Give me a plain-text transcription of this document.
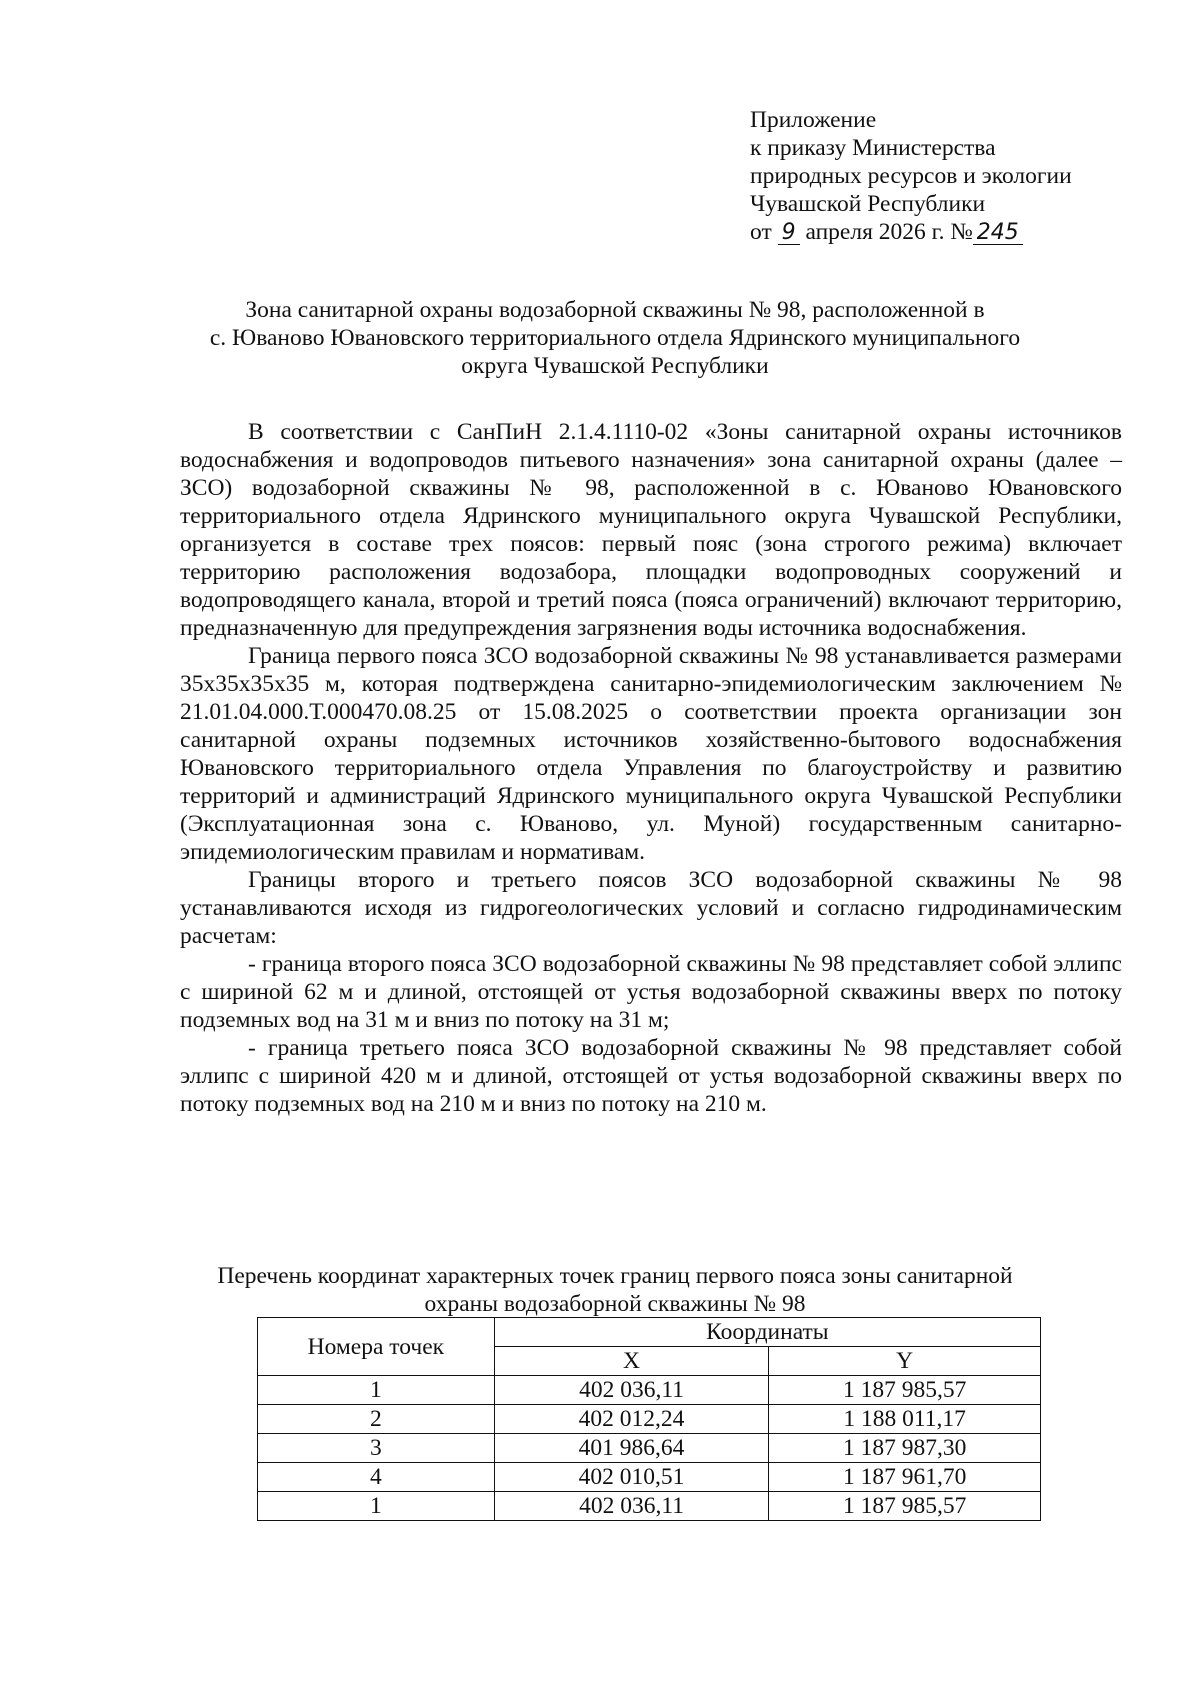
Приложение
к приказу Министерства
природных ресурсов и экологии
Чувашской Республики
от 9 апреля 2026 г. № 245
Зона санитарной охраны водозаборной скважины № 98, расположенной в
с. Юваново Ювановского территориального отдела Ядринского муниципального
округа Чувашской Республики

В соответствии с СанПиН 2.1.4.1110-02 «Зоны санитарной охраны источников водоснабжения и водопроводов питьевого назначения» зона санитарной охраны (далее – ЗСО) водозаборной скважины № 98, расположенной в с. Юваново Ювановского территориального отдела Ядринского муниципального округа Чувашской Республики, организуется в составе трех поясов: первый пояс (зона строгого режима) включает территорию расположения водозабора, площадки водопроводных сооружений и водопроводящего канала, второй и третий пояса (пояса ограничений) включают территорию, предназначенную для предупреждения загрязнения воды источника водоснабжения.

Граница первого пояса ЗСО водозаборной скважины № 98 устанавливается размерами 35х35х35х35 м, которая подтверждена санитарно-эпидемиологическим заключением № 21.01.04.000.Т.000470.08.25 от 15.08.2025 о соответствии проекта организации зон санитарной охраны подземных источников хозяйственно-бытового водоснабжения Ювановского территориального отдела Управления по благоустройству и развитию территорий и администраций Ядринского муниципального округа Чувашской Республики (Эксплуатационная зона с. Юваново, ул. Муной) государственным санитарно-эпидемиологическим правилам и нормативам.

Границы второго и третьего поясов ЗСО водозаборной скважины № 98 устанавливаются исходя из гидрогеологических условий и согласно гидродинамическим расчетам:

- граница второго пояса ЗСО водозаборной скважины № 98 представляет собой эллипс с шириной 62 м и длиной, отстоящей от устья водозаборной скважины вверх по потоку подземных вод на 31 м и вниз по потоку на 31 м;

- граница третьего пояса ЗСО водозаборной скважины № 98 представляет собой эллипс с шириной 420 м и длиной, отстоящей от устья водозаборной скважины вверх по потоку подземных вод на 210 м и вниз по потоку на 210 м.

Перечень координат характерных точек границ первого пояса зоны санитарной
охраны водозаборной скважины № 98
Номера точек	Координаты	
	X	Y
1	402 036,11	1 187 985,57
2	402 012,24	1 188 011,17
3	401 986,64	1 187 987,30
4	402 010,51	1 187 961,70
1	402 036,11	1 187 985,57
